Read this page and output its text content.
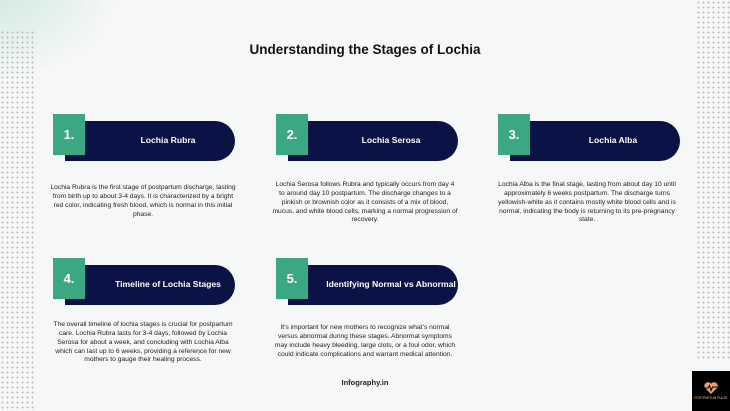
Understanding the Stages of Lochia
Lochia Rubra
1.
Lochia Rubra is the first stage of postpartum discharge, lasting from birth up to about 3-4 days. It is characterized by a bright red color, indicating fresh blood, which is normal in this initial phase.
Lochia Serosa
2.
Lochia Serosa follows Rubra and typically occurs from day 4 to around day 10 postpartum. The discharge changes to a pinkish or brownish color as it consists of a mix of blood, mucus, and white blood cells, marking a normal progression of recovery.
Lochia Alba
3.
Lochia Alba is the final stage, lasting from about day 10 until approximately 6 weeks postpartum. The discharge turns yellowish-white as it contains mostly white blood cells and is normal, indicating the body is returning to its pre-pregnancy state.
Timeline of Lochia Stages
4.
The overall timeline of lochia stages is crucial for postpartum care. Lochia Rubra lasts for 3-4 days, followed by Lochia Serosa for about a week, and concluding with Lochia Alba which can last up to 6 weeks, providing a reference for new mothers to gauge their healing process.
Identifying Normal vs Abnormal
5.
It's important for new mothers to recognize what's normal versus abnormal during these stages. Abnormal symptoms may include heavy bleeding, large clots, or a foul odor, which could indicate complications and warrant medical attention.
Infography.in
POSTPARTUM PULSE
